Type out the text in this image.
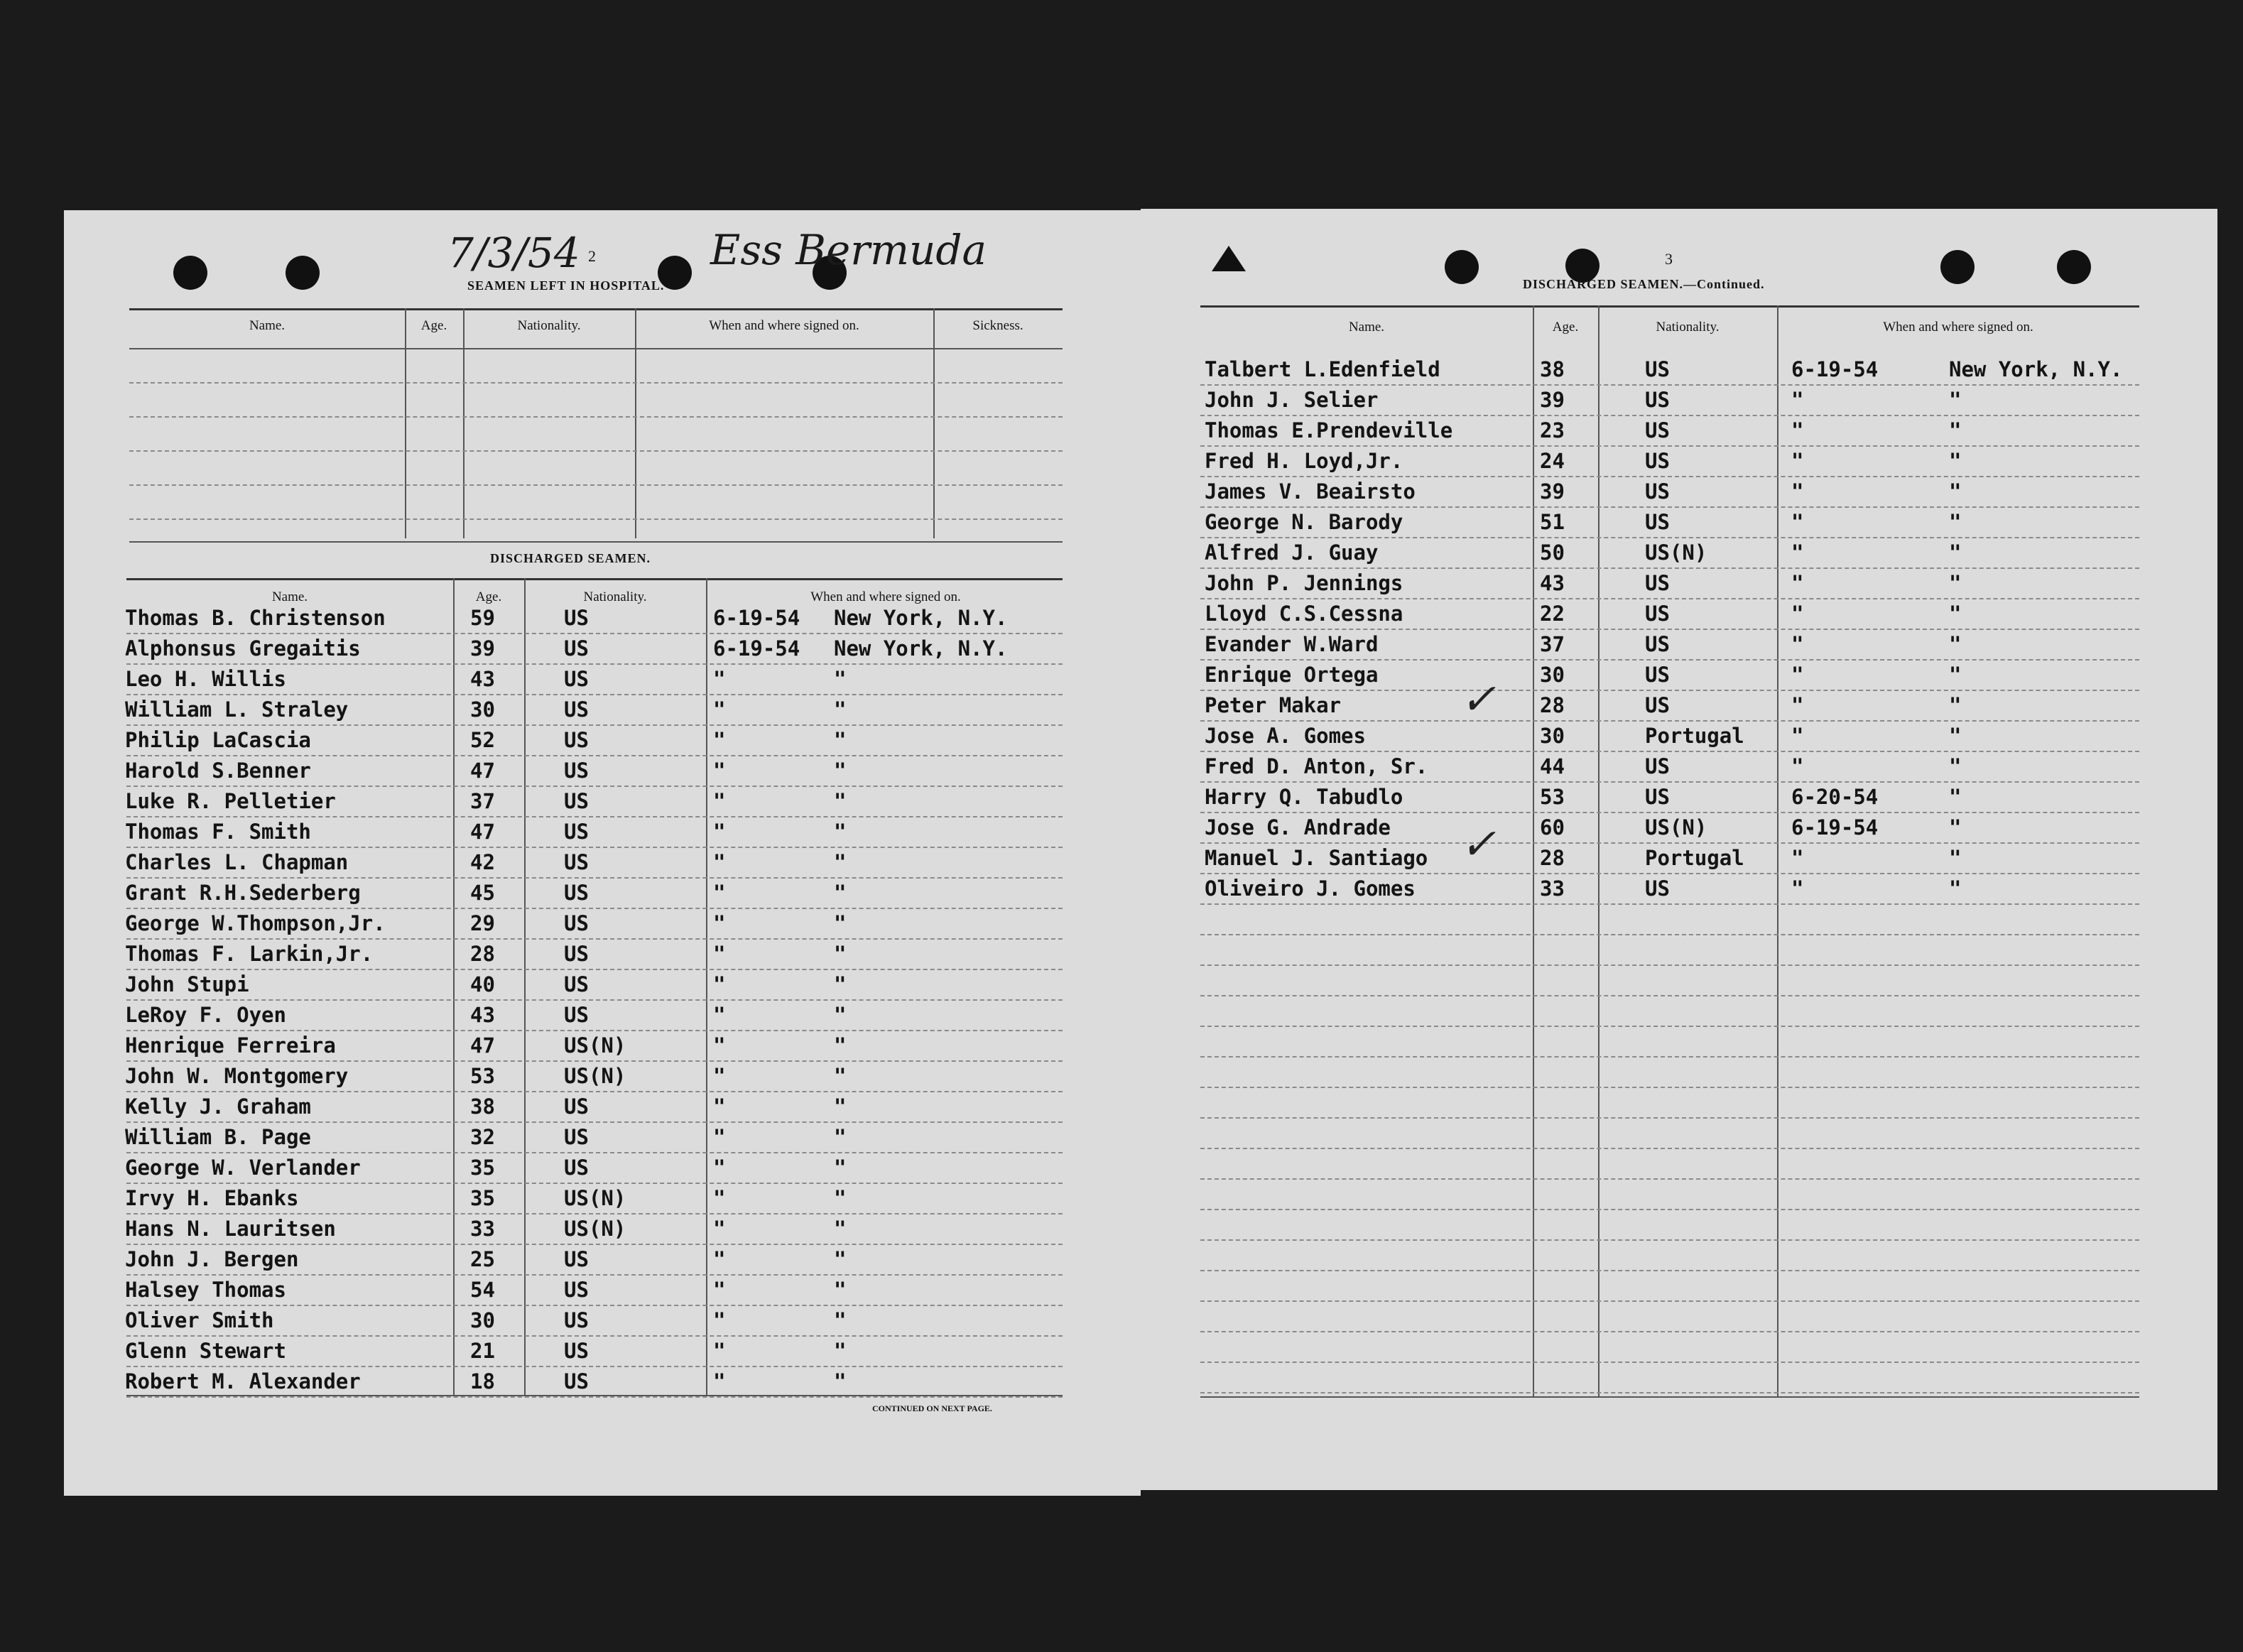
7/3/54	Ess Bermuda
2
SEAMEN LEFT IN HOSPITAL.
Name.	Age.	Nationality.	When and where signed on.	Sickness.
DISCHARGED SEAMEN.
Name.	Age.	Nationality.	When and where signed on.
Thomas B. Christenson	59	US	6-19-54 New York, N.Y.
Alphonsus Gregaitis	39	US	6-19-54 New York, N.Y.
Leo H. Willis	43	US	"	"
William L. Straley	30	US	"	"
Philip LaCascia	52	US	"	"
Harold S.Benner	47	US	"	"
Luke R. Pelletier	37	US	"	"
Thomas F. Smith	47	US	"	"
Charles L. Chapman	42	US	"	"
Grant R.H.Sederberg	45	US	"	"
George W.Thompson,Jr.	29	US	"	"
Thomas F. Larkin,Jr.	28	US	"	"
John Stupi	40	US	"	"
LeRoy F. Oyen	43	US	"	"
Henrique Ferreira	47	US(N)	"	"
John W. Montgomery	53	US(N)	"	"
Kelly J. Graham	38	US	"	"
William B. Page	32	US	"	"
George W. Verlander	35	US	"	"
Irvy H. Ebanks	35	US(N)	"	"
Hans N. Lauritsen	33	US(N)	"	"
John J. Bergen	25	US	"	"
Halsey Thomas	54	US	"	"
Oliver Smith	30	US	"	"
Glenn Stewart	21	US	"	"
Robert M. Alexander	18	US	"	"
CONTINUED ON NEXT PAGE.
3
DISCHARGED SEAMEN.—Continued.
Name.	Age.	Nationality.	When and where signed on.
Talbert L.Edenfield	38	US	6-19-54	New York, N.Y.
John J. Selier	39	US	"	"
Thomas E.Prendeville	23	US	"	"
Fred H. Loyd,Jr.	24	US	"	"
James V. Beairsto	39	US	"	"
George N. Barody	51	US	"	"
Alfred J. Guay	50	US(N)	"	"
John P. Jennings	43	US	"	"
Lloyd C.S.Cessna	22	US	"	"
Evander W.Ward	37	US	"	"
Enrique Ortega	30	US	"	"
Peter Makar	28	US	"	"
Jose A. Gomes	30	Portugal "	"
Fred D. Anton, Sr.	44	US	"	"
Harry Q. Tabudlo	53	US	6-20-54	"
Jose G. Andrade	60	US(N)	6-19-54	"
Manuel J. Santiago	28	Portugal "	"
Oliveiro J. Gomes	33	US	"	"
✓
✓
